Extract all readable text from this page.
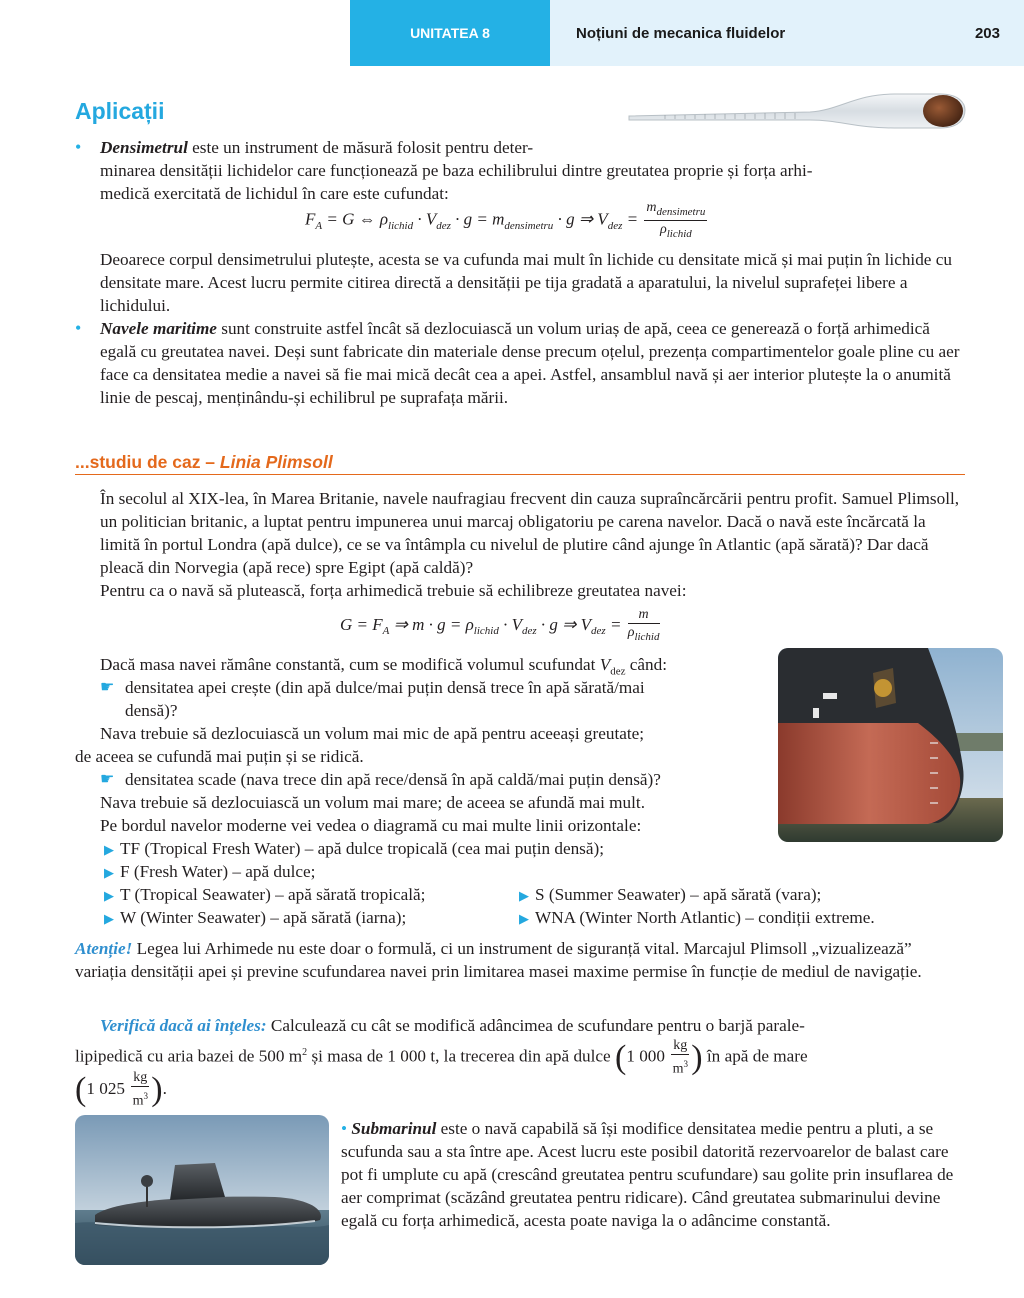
UNITATEA 8	Noțiuni de mecanica fluidelor	203
Aplicații
• Densimetrul este un instrument de măsură folosit pentru deter-
minarea densității lichidelor care funcționează pe baza echilibrului dintre greutatea proprie și forța arhi-
medică exercitată de lichidul în care este cufundat:
$F_A = G$ ⇔ $\rho_{lichid} \cdot V_{dez} \cdot g = m_{densimetru} \cdot g$ ⇒ $V_{dez} = \frac{m_{densimetru}}{\rho_{lichid}}$
Deoarece corpul densimetrului plutește, acesta se va cufunda mai mult în lichide cu densitate mică și mai puțin în lichide cu densitate mare. Acest lucru permite citirea directă a densității pe tija gradată a aparatului, la nivelul suprafeței libere a lichidului.
• Navele maritime sunt construite astfel încât să dezlocuiască un volum uriaș de apă, ceea ce generează o forță arhimedică egală cu greutatea navei. Deși sunt fabricate din materiale dense precum oțelul, prezența compartimentelor goale pline cu aer face ca densitatea medie a navei să fie mai mică decât cea a apei. Astfel, ansamblul navă și aer interior plutește la o anumită linie de pescaj, menținându-și echilibrul pe suprafața mării.
...studiu de caz – Linia Plimsoll
În secolul al XIX-lea, în Marea Britanie, navele naufragiau frecvent din cauza supraîncărcării pentru profit. Samuel Plimsoll, un politician britanic, a luptat pentru impunerea unui marcaj obligatoriu pe carena navelor. Dacă o navă este încărcată la limită în portul Londra (apă dulce), ce se va întâmpla cu nivelul de plutire când ajunge în Atlantic (apă sărată)? Dar dacă pleacă din Norvegia (apă rece) spre Egipt (apă caldă)?
Pentru ca o navă să plutească, forța arhimedică trebuie să echilibreze greutatea navei:
$G = F_A$ ⇒ $m \cdot g = \rho_{lichid} \cdot V_{dez} \cdot g$ ⇒ $V_{dez} = \frac{m}{\rho_{lichid}}$
Dacă masa navei rămâne constantă, cum se modifică volumul scufundat $V_{dez}$ când:
☛ densitatea apei crește (din apă dulce/mai puțin densă trece în apă sărată/mai
densă)?
Nava trebuie să dezlocuiască un volum mai mic de apă pentru aceeași greutate;
de aceea se cufundă mai puțin și se ridică.
☛ densitatea scade (nava trece din apă rece/densă în apă caldă/mai puțin densă)?
Nava trebuie să dezlocuiască un volum mai mare; de aceea se afundă mai mult.
Pe bordul navelor moderne vei vedea o diagramă cu mai multe linii orizontale:
▶ TF (Tropical Fresh Water) – apă dulce tropicală (cea mai puțin densă);
▶ F (Fresh Water) – apă dulce;
▶ T (Tropical Seawater) – apă sărată tropicală;	▶ S (Summer Seawater) – apă sărată (vara);
▶ W (Winter Seawater) – apă sărată (iarna);	▶ WNA (Winter North Atlantic) – condiții extreme.
Atenție! Legea lui Arhimede nu este doar o formulă, ci un instrument de siguranță vital. Marcajul Plimsoll „vizualizează” variația densității apei și previne scufundarea navei prin limitarea masei maxime permise în funcție de mediul de navigație.
Verifică dacă ai înțeles: Calculează cu cât se modifică adâncimea de scufundare pentru o barjă parale-
lipipedică cu aria bazei de 500 $m^2$ și masa de 1 000 t, la trecerea din apă dulce (1 $000 \frac{kg}{m^3}$ ) în apă de mare
(1 $025 \frac{kg}{m^3}$ ).
• Submarinul este o navă capabilă să își modifice densitatea medie pentru a pluti, a se scufunda sau a sta între ape. Acest lucru este posibil datorită rezervoarelor de balast care pot fi umplute cu apă (crescând greutatea pentru scufundare) sau golite prin insuflarea de aer comprimat (scăzând greutatea pentru ridicare). Când greutatea submarinului devine egală cu forța arhimedică, acesta poate naviga la o adâncime constantă.
